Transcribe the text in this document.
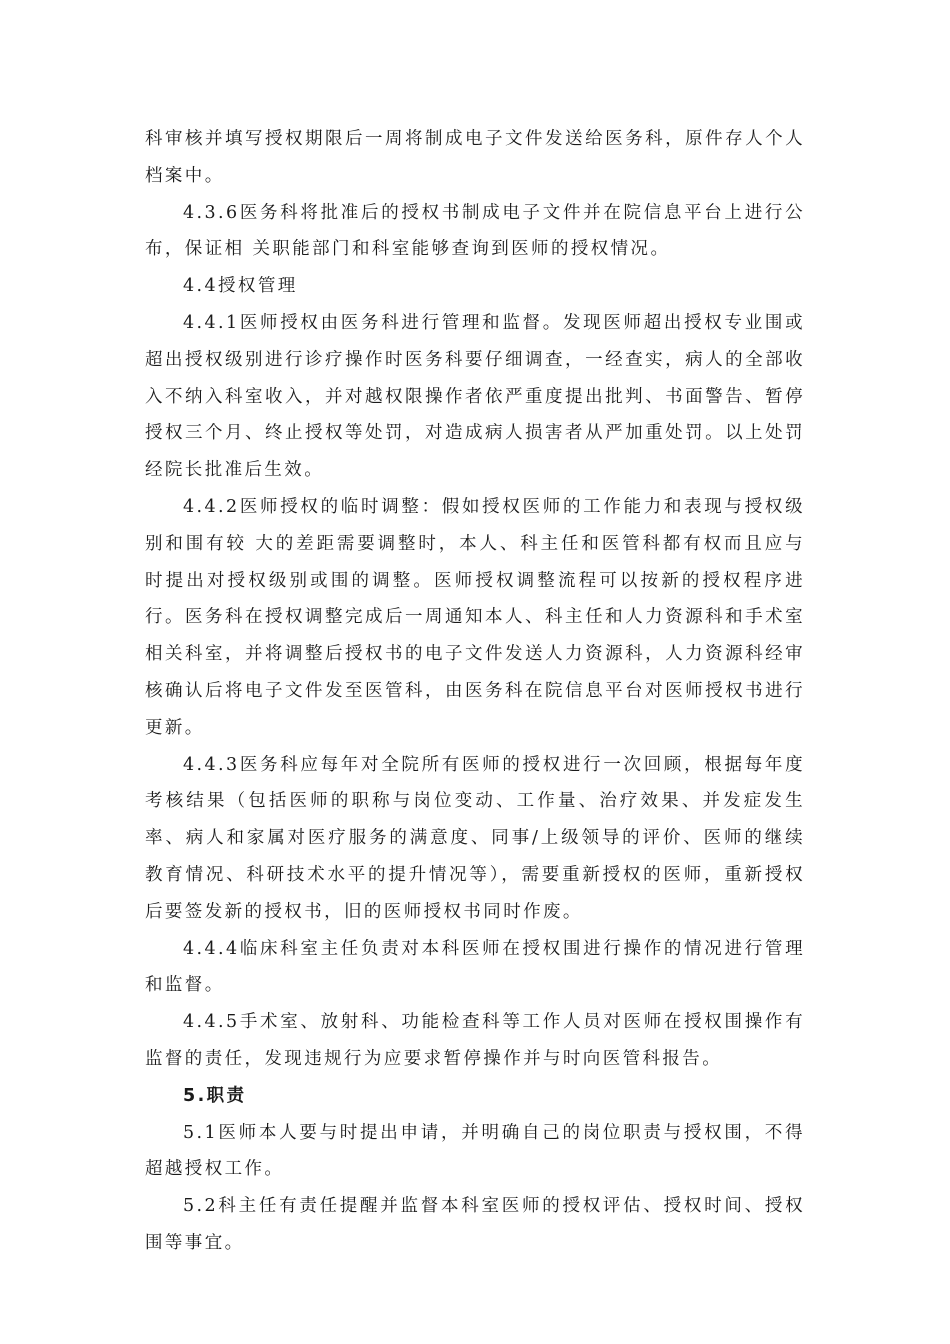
科审核并填写授权期限后一周将制成电子文件发送给医务科，原件存人个人档案中。

4.3.6医务科将批准后的授权书制成电子文件并在院信息平台上进行公布，保证相 关职能部门和科室能够查询到医师的授权情况。

4.4授权管理

4.4.1医师授权由医务科进行管理和监督。发现医师超出授权专业围或超出授权级别进行诊疗操作时医务科要仔细调查，一经查实，病人的全部收入不纳入科室收入，并对越权限操作者依严重度提出批判、书面警告、暂停授权三个月、终止授权等处罚，对造成病人损害者从严加重处罚。以上处罚经院长批准后生效。

4.4.2医师授权的临时调整：假如授权医师的工作能力和表现与授权级别和围有较 大的差距需要调整时，本人、科主任和医管科都有权而且应与时提出对授权级别或围的调整。医师授权调整流程可以按新的授权程序进行。医务科在授权调整完成后一周通知本人、科主任和人力资源科和手术室相关科室，并将调整后授权书的电子文件发送人力资源科，人力资源科经审核确认后将电子文件发至医管科，由医务科在院信息平台对医师授权书进行更新。

4.4.3医务科应每年对全院所有医师的授权进行一次回顾，根据每年度考核结果（包括医师的职称与岗位变动、工作量、治疗效果、并发症发生率、病人和家属对医疗服务的满意度、同事/上级领导的评价、医师的继续教育情况、科研技术水平的提升情况等），需要重新授权的医师，重新授权后要签发新的授权书，旧的医师授权书同时作废。

4.4.4临床科室主任负责对本科医师在授权围进行操作的情况进行管理和监督。

4.4.5手术室、放射科、功能检查科等工作人员对医师在授权围操作有监督的责任，发现违规行为应要求暂停操作并与时向医管科报告。

5.职责

5.1医师本人要与时提出申请，并明确自己的岗位职责与授权围，不得超越授权工作。

5.2科主任有责任提醒并监督本科室医师的授权评估、授权时间、授权围等事宜。
